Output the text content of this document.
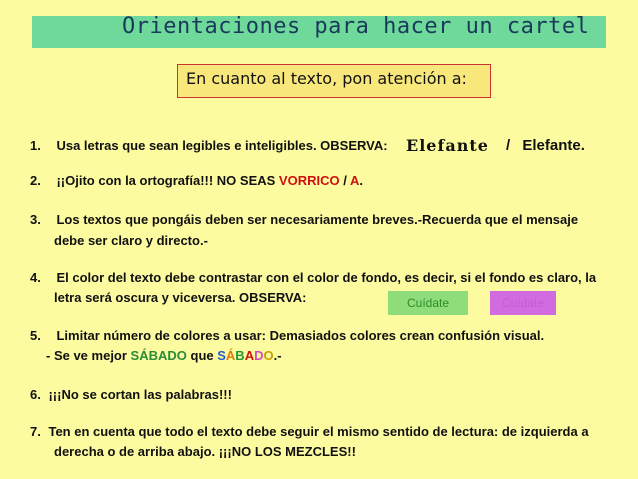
Orientaciones para hacer un cartel
En cuanto al texto, pon atención a:
1. Usa letras que sean legibles e inteligibles. OBSERVA: Elefante / Elefante.
2. ¡¡Ojito con la ortografía!!! NO SEAS VORRICO / A.
3. Los textos que pongáis deben ser necesariamente breves.-Recuerda que el mensaje
debe ser claro y directo.-
4. El color del texto debe contrastar con el color de fondo, es decir, si el fondo es claro, la
letra será oscura y viceversa. OBSERVA:	Cuídate	Cuídate
5. Limitar número de colores a usar: Demasiados colores crean confusión visual.
- Se ve mejor SÁBADO que SÁBADO.-
6. ¡¡¡No se cortan las palabras!!!
7. Ten en cuenta que todo el texto debe seguir el mismo sentido de lectura: de izquierda a
derecha o de arriba abajo. ¡¡¡NO LOS MEZCLES!!
